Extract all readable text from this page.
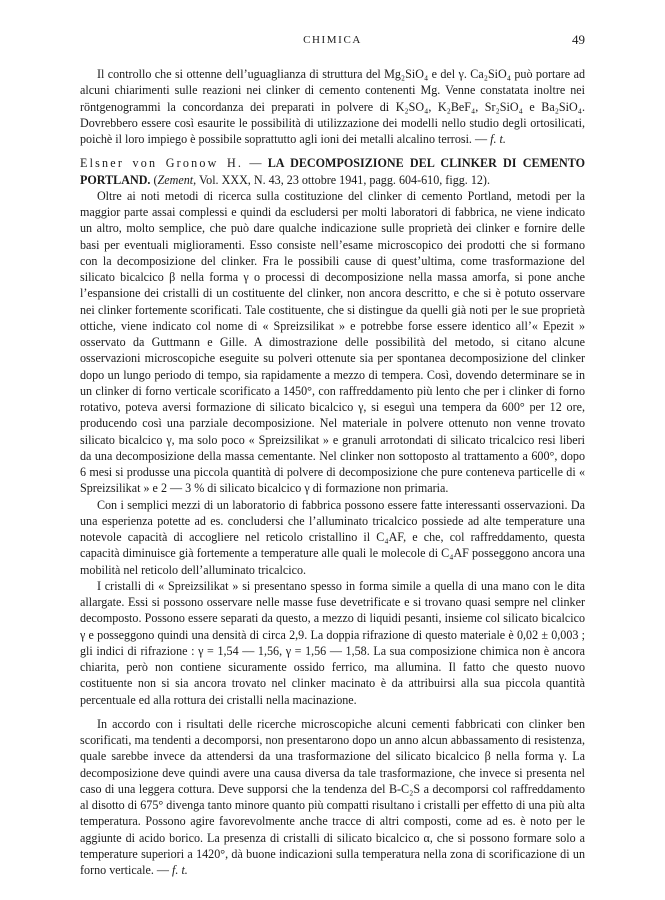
CHIMICA	49

Il controllo che si ottenne dell’uguaglianza di struttura del Mg₂SiO₄ e del γ. Ca₂SiO₄ può portare ad alcuni chiarimenti sulle reazioni nei clinker di cemento contenenti Mg. Venne constatata inoltre nei röntgenogrammi la concordanza dei preparati in polvere di K₂SO₄, K₂BeF₄, Sr₂SiO₄ e Ba₂SiO₄. Dovrebbero essere così esaurite le possibilità di utilizzazione dei modelli nello studio degli ortosilicati, poichè il loro impiego è possibile soprattutto agli ioni dei metalli alcalino terrosi. — f. t.

Elsner von Gronow H. — LA DECOMPOSIZIONE DEL CLINKER DI CEMENTO PORTLAND. (Zement, Vol. XXX, N. 43, 23 ottobre 1941, pagg. 604-610, figg. 12).

Oltre ai noti metodi di ricerca sulla costituzione del clinker di cemento Portland, metodi per la maggior parte assai complessi e quindi da escludersi per molti laboratori di fabbrica, ne viene indicato un altro, molto semplice, che può dare qualche indicazione sulle proprietà dei clinker e fornire delle basi per eventuali miglioramenti. Esso consiste nell’esame microscopico dei prodotti che si formano con la decomposizione del clinker. Fra le possibili cause di quest’ultima, come trasformazione del silicato bicalcico β nella forma γ o processi di decomposizione nella massa amorfa, si pone anche l’espansione dei cristalli di un costituente del clinker, non ancora descritto, e che si è potuto osservare nei clinker fortemente scorificati. Tale costituente, che si distingue da quelli già noti per le sue proprietà ottiche, viene indicato col nome di « Spreizsilikat » e potrebbe forse essere identico all’« Epezit » osservato da Guttmann e Gille. A dimostrazione delle possibilità del metodo, si citano alcune osservazioni microscopiche eseguite su polveri ottenute sia per spontanea decomposizione del clinker dopo un lungo periodo di tempo, sia rapidamente a mezzo di tempera. Così, dovendo determinare se in un clinker di forno verticale scorificato a 1450°, con raffreddamento più lento che per i clinker di forno rotativo, poteva aversi formazione di silicato bicalcico γ, si eseguì una tempera da 600° per 12 ore, producendo così una parziale decomposizione. Nel materiale in polvere ottenuto non venne trovato silicato bicalcico γ, ma solo poco « Spreizsilikat » e granuli arrotondati di silicato tricalcico resi liberi da una decomposizione della massa cementante. Nel clinker non sottoposto al trattamento a 600°, dopo 6 mesi si produsse una piccola quantità di polvere di decomposizione che pure conteneva particelle di « Spreizsilikat » e 2 — 3 % di silicato bicalcico γ di formazione non primaria.

Con i semplici mezzi di un laboratorio di fabbrica possono essere fatte interessanti osservazioni. Da una esperienza potette ad es. concludersi che l’alluminato tricalcico possiede ad alte temperature una notevole capacità di accogliere nel reticolo cristallino il C₄AF, e che, col raffreddamento, questa capacità diminuisce già fortemente a temperature alle quali le molecole di C₄AF posseggono ancora una mobilità nel reticolo dell’alluminato tricalcico.

I cristalli di « Spreizsilikat » si presentano spesso in forma simile a quella di una mano con le dita allargate. Essi si possono osservare nelle masse fuse devetrificate e si trovano quasi sempre nel clinker decomposto. Possono essere separati da questo, a mezzo di liquidi pesanti, insieme col silicato bicalcico γ e posseggono quindi una densità di circa 2,9. La doppia rifrazione di questo materiale è 0,02 ± 0,003 ; gli indici di rifrazione : γ = 1,54 — 1,56, γ = 1,56 — 1,58. La sua composizione chimica non è ancora chiarita, però non contiene sicuramente ossido ferrico, ma allumina. Il fatto che questo nuovo costituente non si sia ancora trovato nel clinker macinato è da attribuirsi alla sua piccola quantità percentuale ed alla rottura dei cristalli nella macinazione.

In accordo con i risultati delle ricerche microscopiche alcuni cementi fabbricati con clinker ben scorificati, ma tendenti a decomporsi, non presentarono dopo un anno alcun abbassamento di resistenza, quale sarebbe invece da attendersi da una trasformazione del silicato bicalcico β nella forma γ. La decomposizione deve quindi avere una causa diversa da tale trasformazione, che invece si presenta nel caso di una leggera cottura. Deve supporsi che la tendenza del B-C₂S a decomporsi col raffreddamento al disotto di 675° divenga tanto minore quanto più compatti risultano i cristalli per effetto di una più alta temperatura. Possono agire favorevolmente anche tracce di altri composti, come ad es. è noto per le aggiunte di acido borico. La presenza di cristalli di silicato bicalcico α, che si possono formare solo a temperature superiori a 1420°, dà buone indicazioni sulla temperatura nella zona di scorificazione di un forno verticale. — f. t.
